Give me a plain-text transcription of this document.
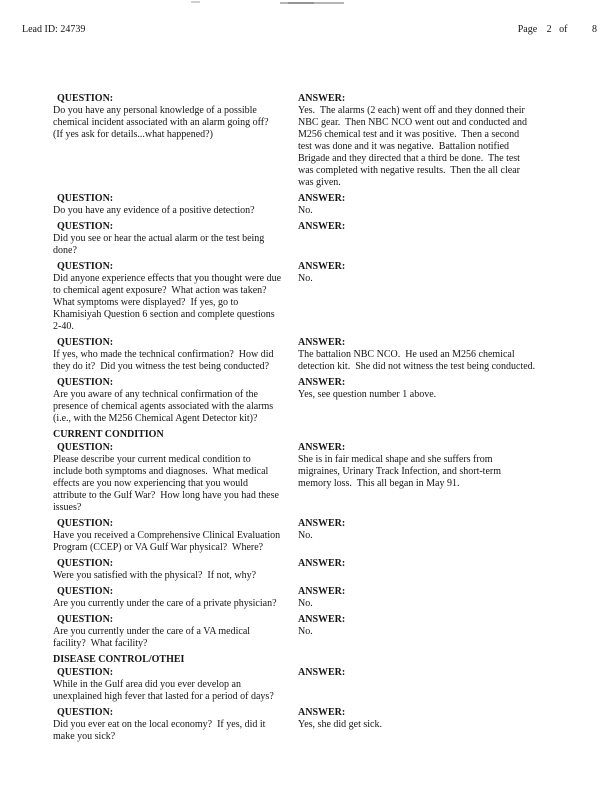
Lead ID: 24739	Page 2 of 8
QUESTION:
Do you have any personal knowledge of a possible
chemical incident associated with an alarm going off?
(If yes ask for details...what happened?)
ANSWER:
Yes.  The alarms (2 each) went off and they donned their
NBC gear.  Then NBC NCO went out and conducted and
M256 chemical test and it was positive.  Then a second
test was done and it was negative.  Battalion notified
Brigade and they directed that a third be done.  The test
was completed with negative results.  Then the all clear
was given.
QUESTION:
Do you have any evidence of a positive detection?
ANSWER:
No.
QUESTION:
Did you see or hear the actual alarm or the test being
done?
ANSWER:
QUESTION:
Did anyone experience effects that you thought were due
to chemical agent exposure?  What action was taken?
What symptoms were displayed?  If yes, go to
Khamisiyah Question 6 section and complete questions
2-40.
ANSWER:
No.
QUESTION:
If yes, who made the technical confirmation?  How did
they do it?  Did you witness the test being conducted?
ANSWER:
The battalion NBC NCO.  He used an M256 chemical
detection kit.  She did not witness the test being conducted.
QUESTION:
Are you aware of any technical confirmation of the
presence of chemical agents associated with the alarms
(i.e., with the M256 Chemical Agent Detector kit)?
ANSWER:
Yes, see question number 1 above.
CURRENT CONDITION
QUESTION:
Please describe your current medical condition to
include both symptoms and diagnoses.  What medical
effects are you now experiencing that you would
attribute to the Gulf War?  How long have you had these
issues?
ANSWER:
She is in fair medical shape and she suffers from
migraines, Urinary Track Infection, and short-term
memory loss.  This all began in May 91.
QUESTION:
Have you received a Comprehensive Clinical Evaluation
Program (CCEP) or VA Gulf War physical?  Where?
ANSWER:
No.
QUESTION:
Were you satisfied with the physical?  If not, why?
ANSWER:
QUESTION:
Are you currently under the care of a private physician?
ANSWER:
No.
QUESTION:
Are you currently under the care of a VA medical
facility?  What facility?
ANSWER:
No.
DISEASE CONTROL/OTHEI
QUESTION:
While in the Gulf area did you ever develop an
unexplained high fever that lasted for a period of days?
ANSWER:
QUESTION:
Did you ever eat on the local economy?  If yes, did it
make you sick?
ANSWER:
Yes, she did get sick.
